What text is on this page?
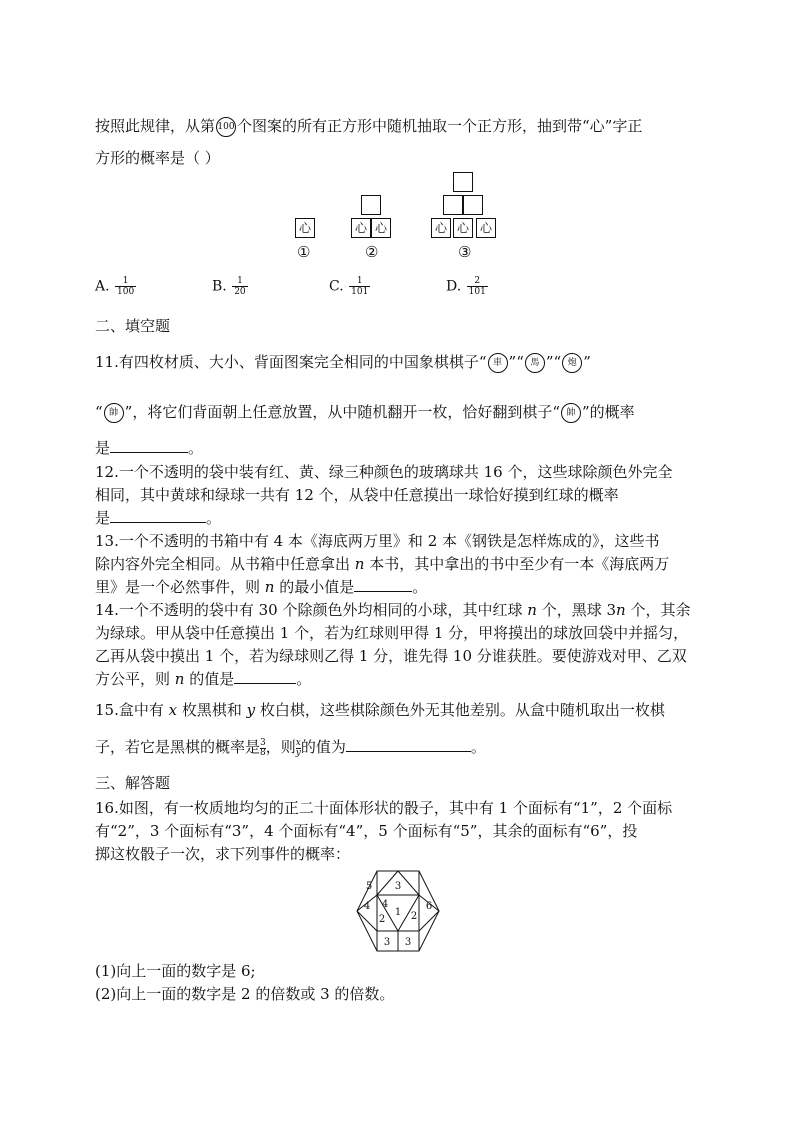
按照此规律，从第 100 个图案的所有正方形中随机抽取一个正方形，抽到带“心”字正
方形的概率是（ ）
心	心 心	心 心 心
①	②	③
A. $\frac{1}{100}$	B. $\frac{1}{20}$	C. $\frac{1}{101}$	D. $\frac{2}{101}$
二、填空题
11.有四枚材质、大小、背面图案完全相同的中国象棋棋子“ 車 ”“ 馬 ”“ 炮 ”
“ 帥 ”，将它们背面朝上任意放置，从中随机翻开一枚，恰好翻到棋子“ 帥 ”的概率
是	。
12.一个不透明的袋中装有红、黄、绿三种颜色的玻璃球共 16 个，这些球除颜色外完全
相同，其中黄球和绿球一共有 12 个，从袋中任意摸出一球恰好摸到红球的概率
是	。
13.一个不透明的书箱中有 4 本《海底两万里》和 2 本《钢铁是怎样炼成的》，这些书
除内容外完全相同。从书箱中任意拿出 n 本书，其中拿出的书中至少有一本《海底两万
里》是一个必然事件，则 n 的最小值是	。
14.一个不透明的袋中有 30 个除颜色外均相同的小球，其中红球 n 个，黑球 3n 个，其余
为绿球。甲从袋中任意摸出 1 个，若为红球则甲得 1 分，甲将摸出的球放回袋中并摇匀，
乙再从袋中摸出 1 个，若为绿球则乙得 1 分，谁先得 10 分谁获胜。要使游戏对甲、乙双
方公平，则 n 的值是	。
15.盒中有 x 枚黑棋和 y 枚白棋，这些棋除颜色外无其他差别。从盒中随机取出一枚棋
子，若它是黑棋的概率是 $\frac{3}{8}$ ，则 $\frac{x}{y}$ 的值为	。
三、解答题
16.如图，有一枚质地均匀的正二十面体形状的骰子，其中有 1 个面标有“1”，2 个面标
有“2”，3 个面标有“3”，4 个面标有“4”，5 个面标有“5”，其余的面标有“6”，投
掷这枚骰子一次，求下列事件的概率：
5 3
4 4
1
6
2	2
3 3
(1)向上一面的数字是 6;
(2)向上一面的数字是 2 的倍数或 3 的倍数。
